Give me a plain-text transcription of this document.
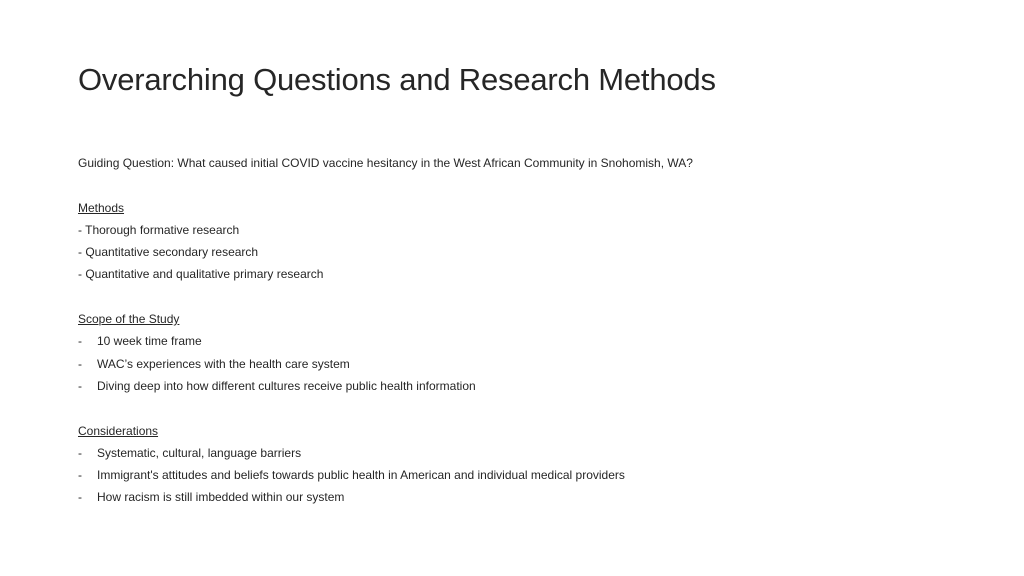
Overarching Questions and Research Methods
Guiding Question: What caused initial COVID vaccine hesitancy in the West African Community in Snohomish, WA?
Methods
- Thorough formative research
- Quantitative secondary research
- Quantitative and qualitative primary research
Scope of the Study
-	10 week time frame
-	WAC’s experiences with the health care system
-	Diving deep into how different cultures receive public health information
Considerations
-	Systematic, cultural, language barriers
-	Immigrant's attitudes and beliefs towards public health in American and individual medical providers
-	How racism is still imbedded within our system
